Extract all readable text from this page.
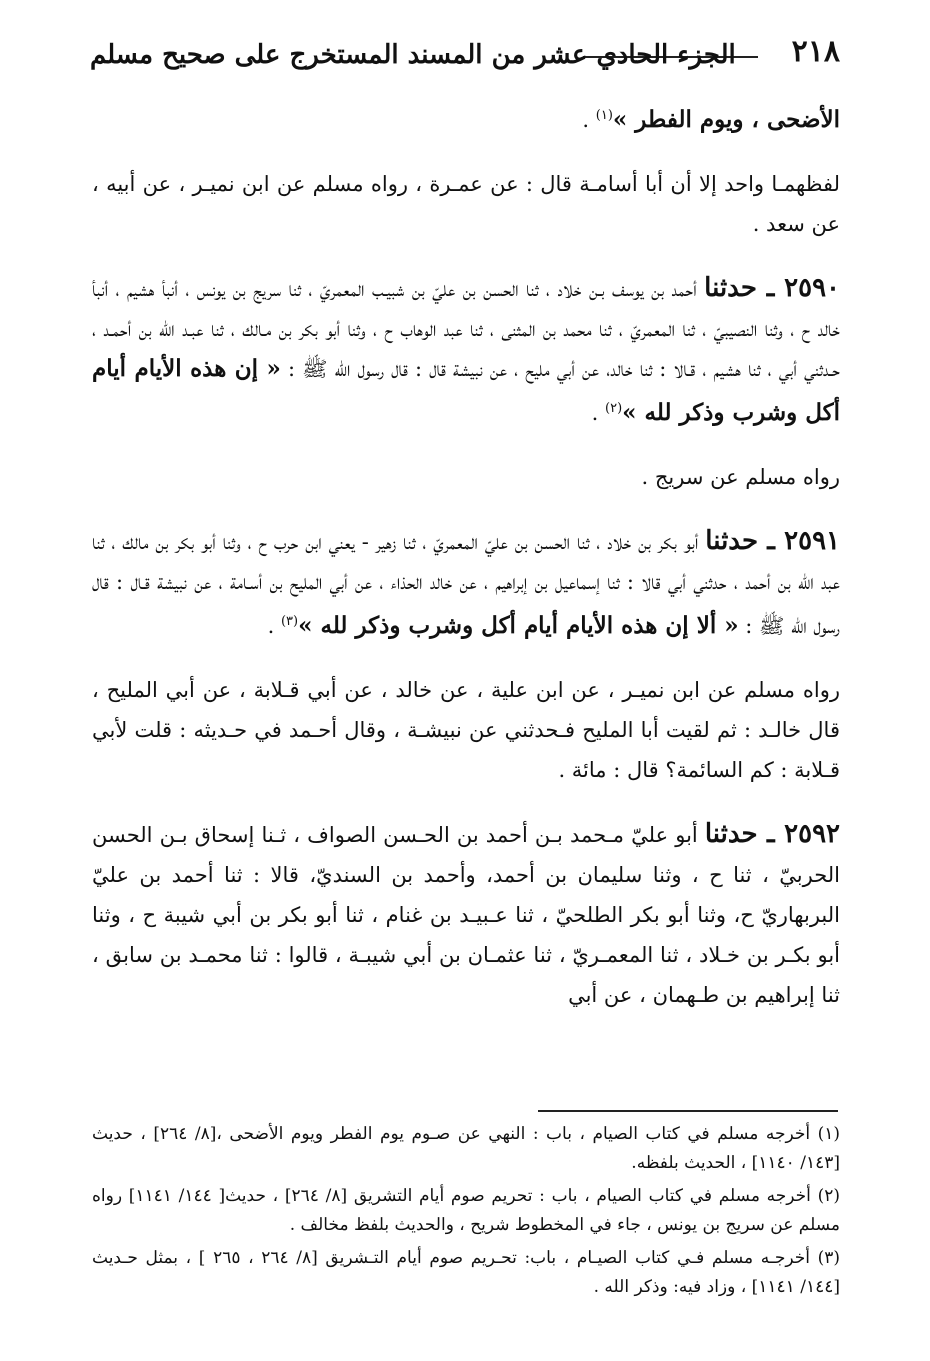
٢١٨
الجزء الحادي عشر من المسند المستخرج على صحيح مسلم

الأضحى ، ويوم الفطر »$^{(١)}$ .

لفظهمـا واحد إلا أن أبا أسامـة قال : عن عمـرة ، رواه مسلم عن ابن نميـر ، عن أبيه ، عن سعد .

٢٥٩٠ ـ حدثنا أحمد بن يوسف بـن خلاد ، ثنا الحسن بن عليّ بن شبيـب المعمريّ ، ثنا سريج بن يونس ، أنبأ هشيم ، أنبأ خالد ح ، وثنا النصيبيّ ، ثنا المعمريّ ، ثنا محمد بن المثنى ، ثنا عبد الوهاب ح ، وثنا أبو بكر بن مـالك ، ثنا عبـد الله بن أحمـد ، حـدثني أبي ، ثنا هشيم ، قـالا : ثنا خالد، عن أبي مليح ، عن نبيشة قال : قال رسول الله ﷺ : « إن هذه الأيام أيام أكل وشرب وذكر لله »$^{(٢)}$ .

رواه مسلم عن سريج .

٢٥٩١ ـ حدثنا أبو بكر بن خلاد ، ثنا الحسن بن عليّ المعمريّ ، ثنا زهير - يعني ابن حرب ح ، وثنا أبو بكر بن مالك ، ثنا عبد الله بن أحمد ، حدثني أبي قالا : ثنا إسماعيل بن إبراهيم ، عن خالد الحذاء ، عن أبي المليح بن أسـامة ، عن نبيشة قـال : قال رسول الله ﷺ : « ألا إن هذه الأيام أيام أكل وشرب وذكر لله »$^{(٣)}$ .

رواه مسلم عن ابن نميـر ، عن ابن علية ، عن خالد ، عن أبي قـلابة ، عن أبي المليح ، قال خالـد : ثم لقيت أبا المليح فـحدثني عن نبيشـة ، وقال أحـمد في حـديثه : قلت لأبي قـلابة : كم السائمة؟ قال : مائة .

٢٥٩٢ ـ حدثنا أبو عليّ مـحمد بـن أحمد بن الحـسن الصواف ، ثـنا إسحاق بـن الحسن الحربيّ ، ثنا ح ، وثنا سليمان بن أحمد، وأحمد بن السنديّ، قالا : ثنا أحمد بن عليّ البربهاريّ ح، وثنا أبو بكر الطلحيّ ، ثنا عـبيـد بن غنام ، ثنا أبو بكر بن أبي شيبة ح ، وثنا أبو بكـر بن خـلاد ، ثنا المعمـريّ ، ثنا عثمـان بن أبي شيبـة ، قالوا : ثنا محمـد بن سابق ، ثنا إبراهيم بن طـهمان ، عن أبي

(١) أخرجه مسلم في كتاب الصيام ، باب : النهي عن صـوم يوم الفطر ويوم الأضحى ،[٨/ ٢٦٤] ، حديث [١٤٣/ ١١٤٠] ، الحديث بلفظه.

(٢) أخرجه مسلم في كتاب الصيام ، باب : تحريم صوم أيام التشريق [٨/ ٢٦٤] ، حديث[ ١٤٤/ ١١٤١] رواه مسلم عن سريج بن يونس ، جاء في المخطوط شريح ، والحديث بلفظ مخالف .

(٣) أخرجـه مسلم فـي كتاب الصيـام ، باب: تحـريم صوم أيام التـشريق [٨/ ٢٦٤ ، ٢٦٥ ] ، بمثل حـديث [١٤٤/ ١١٤١] ، وزاد فيه: وذكر الله .
